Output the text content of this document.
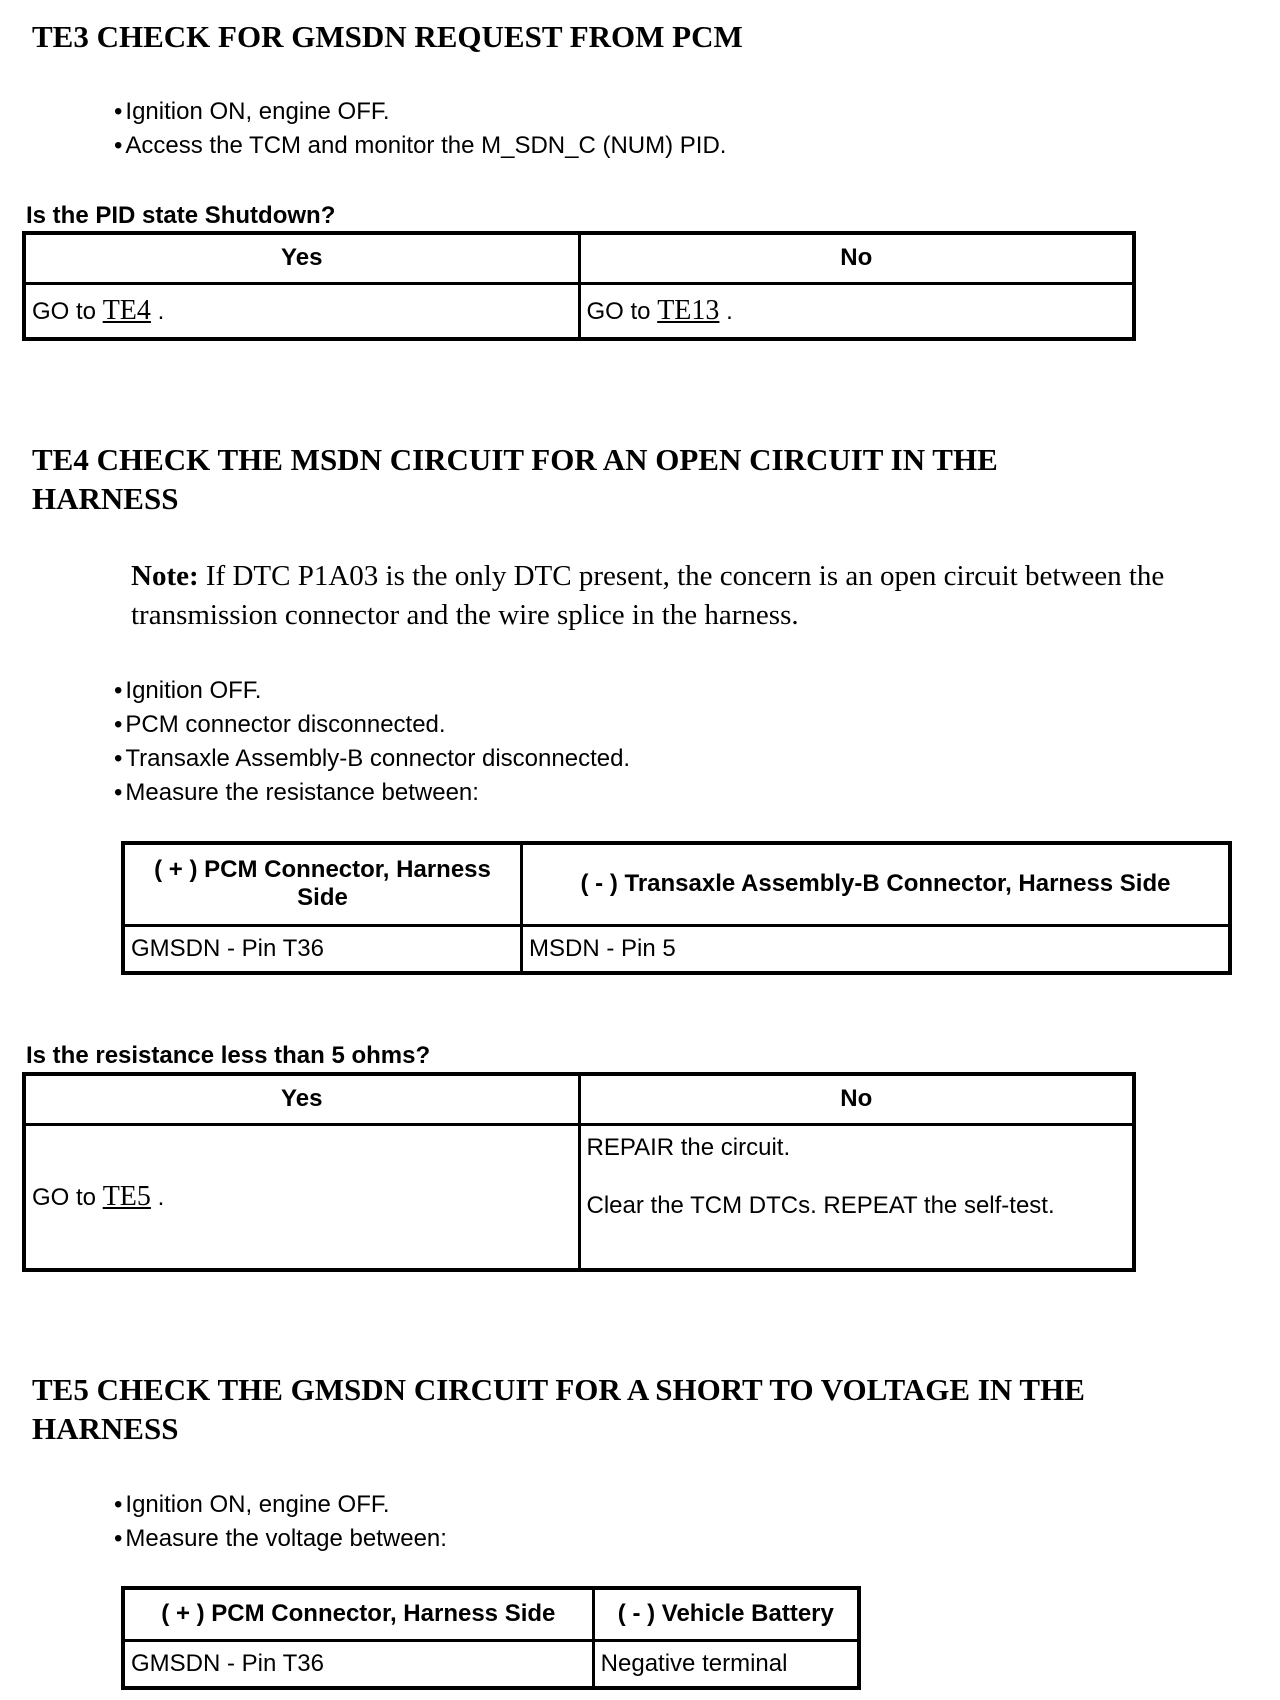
TE3 CHECK FOR GMSDN REQUEST FROM PCM
• Ignition ON, engine OFF.
• Access the TCM and monitor the M_SDN_C (NUM) PID.
Is the PID state Shutdown?
Yes	No
GO to TE4 .	GO to TE13 .
TE4 CHECK THE MSDN CIRCUIT FOR AN OPEN CIRCUIT IN THE
HARNESS
Note: If DTC P1A03 is the only DTC present, the concern is an open circuit between the transmission connector and the wire splice in the harness.
• Ignition OFF.
• PCM connector disconnected.
• Transaxle Assembly-B connector disconnected.
• Measure the resistance between:
( + ) PCM Connector, Harness Side	( - ) Transaxle Assembly-B Connector, Harness Side
GMSDN - Pin T36	MSDN - Pin 5
Is the resistance less than 5 ohms?
Yes	No
GO to TE5 .	REPAIR the circuit.
Clear the TCM DTCs. REPEAT the self-test.
TE5 CHECK THE GMSDN CIRCUIT FOR A SHORT TO VOLTAGE IN THE
HARNESS
• Ignition ON, engine OFF.
• Measure the voltage between:
( + ) PCM Connector, Harness Side	( - ) Vehicle Battery
GMSDN - Pin T36	Negative terminal
